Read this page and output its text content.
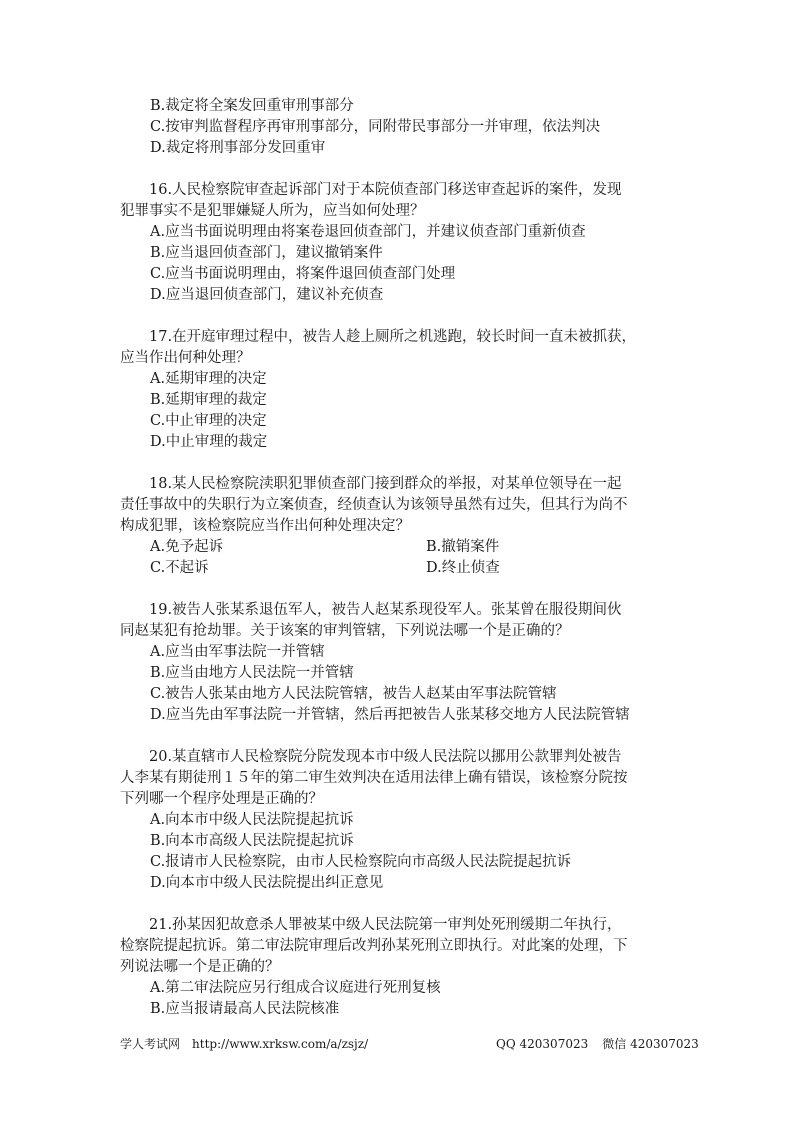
B.裁定将全案发回重审刑事部分
C.按审判监督程序再审刑事部分，同附带民事部分一并审理，依法判决
D.裁定将刑事部分发回重审
16.人民检察院审查起诉部门对于本院侦查部门移送审查起诉的案件，发现
犯罪事实不是犯罪嫌疑人所为，应当如何处理？
A.应当书面说明理由将案卷退回侦查部门，并建议侦查部门重新侦查
B.应当退回侦查部门，建议撤销案件
C.应当书面说明理由，将案件退回侦查部门处理
D.应当退回侦查部门，建议补充侦查
17.在开庭审理过程中，被告人趁上厕所之机逃跑，较长时间一直未被抓获，
应当作出何种处理？
A.延期审理的决定
B.延期审理的裁定
C.中止审理的决定
D.中止审理的裁定
18.某人民检察院渎职犯罪侦查部门接到群众的举报，对某单位领导在一起
责任事故中的失职行为立案侦查，经侦查认为该领导虽然有过失，但其行为尚不
构成犯罪，该检察院应当作出何种处理决定？
A.免予起诉	B.撤销案件
C.不起诉	D.终止侦查
19.被告人张某系退伍军人，被告人赵某系现役军人。张某曾在服役期间伙
同赵某犯有抢劫罪。关于该案的审判管辖，下列说法哪一个是正确的？
A.应当由军事法院一并管辖
B.应当由地方人民法院一并管辖
C.被告人张某由地方人民法院管辖，被告人赵某由军事法院管辖
D.应当先由军事法院一并管辖，然后再把被告人张某移交地方人民法院管辖
20.某直辖市人民检察院分院发现本市中级人民法院以挪用公款罪判处被告
人李某有期徒刑１５年的第二审生效判决在适用法律上确有错误，该检察分院按
下列哪一个程序处理是正确的？
A.向本市中级人民法院提起抗诉
B.向本市高级人民法院提起抗诉
C.报请市人民检察院，由市人民检察院向市高级人民法院提起抗诉
D.向本市中级人民法院提出纠正意见
21.孙某因犯故意杀人罪被某中级人民法院第一审判处死刑缓期二年执行，
检察院提起抗诉。第二审法院审理后改判孙某死刑立即执行。对此案的处理，下
列说法哪一个是正确的？
A.第二审法院应另行组成合议庭进行死刑复核
B.应当报请最高人民法院核准
学人考试网 http://www.xrksw.com/a/zsjz/	QQ 420307023 微信 420307023
